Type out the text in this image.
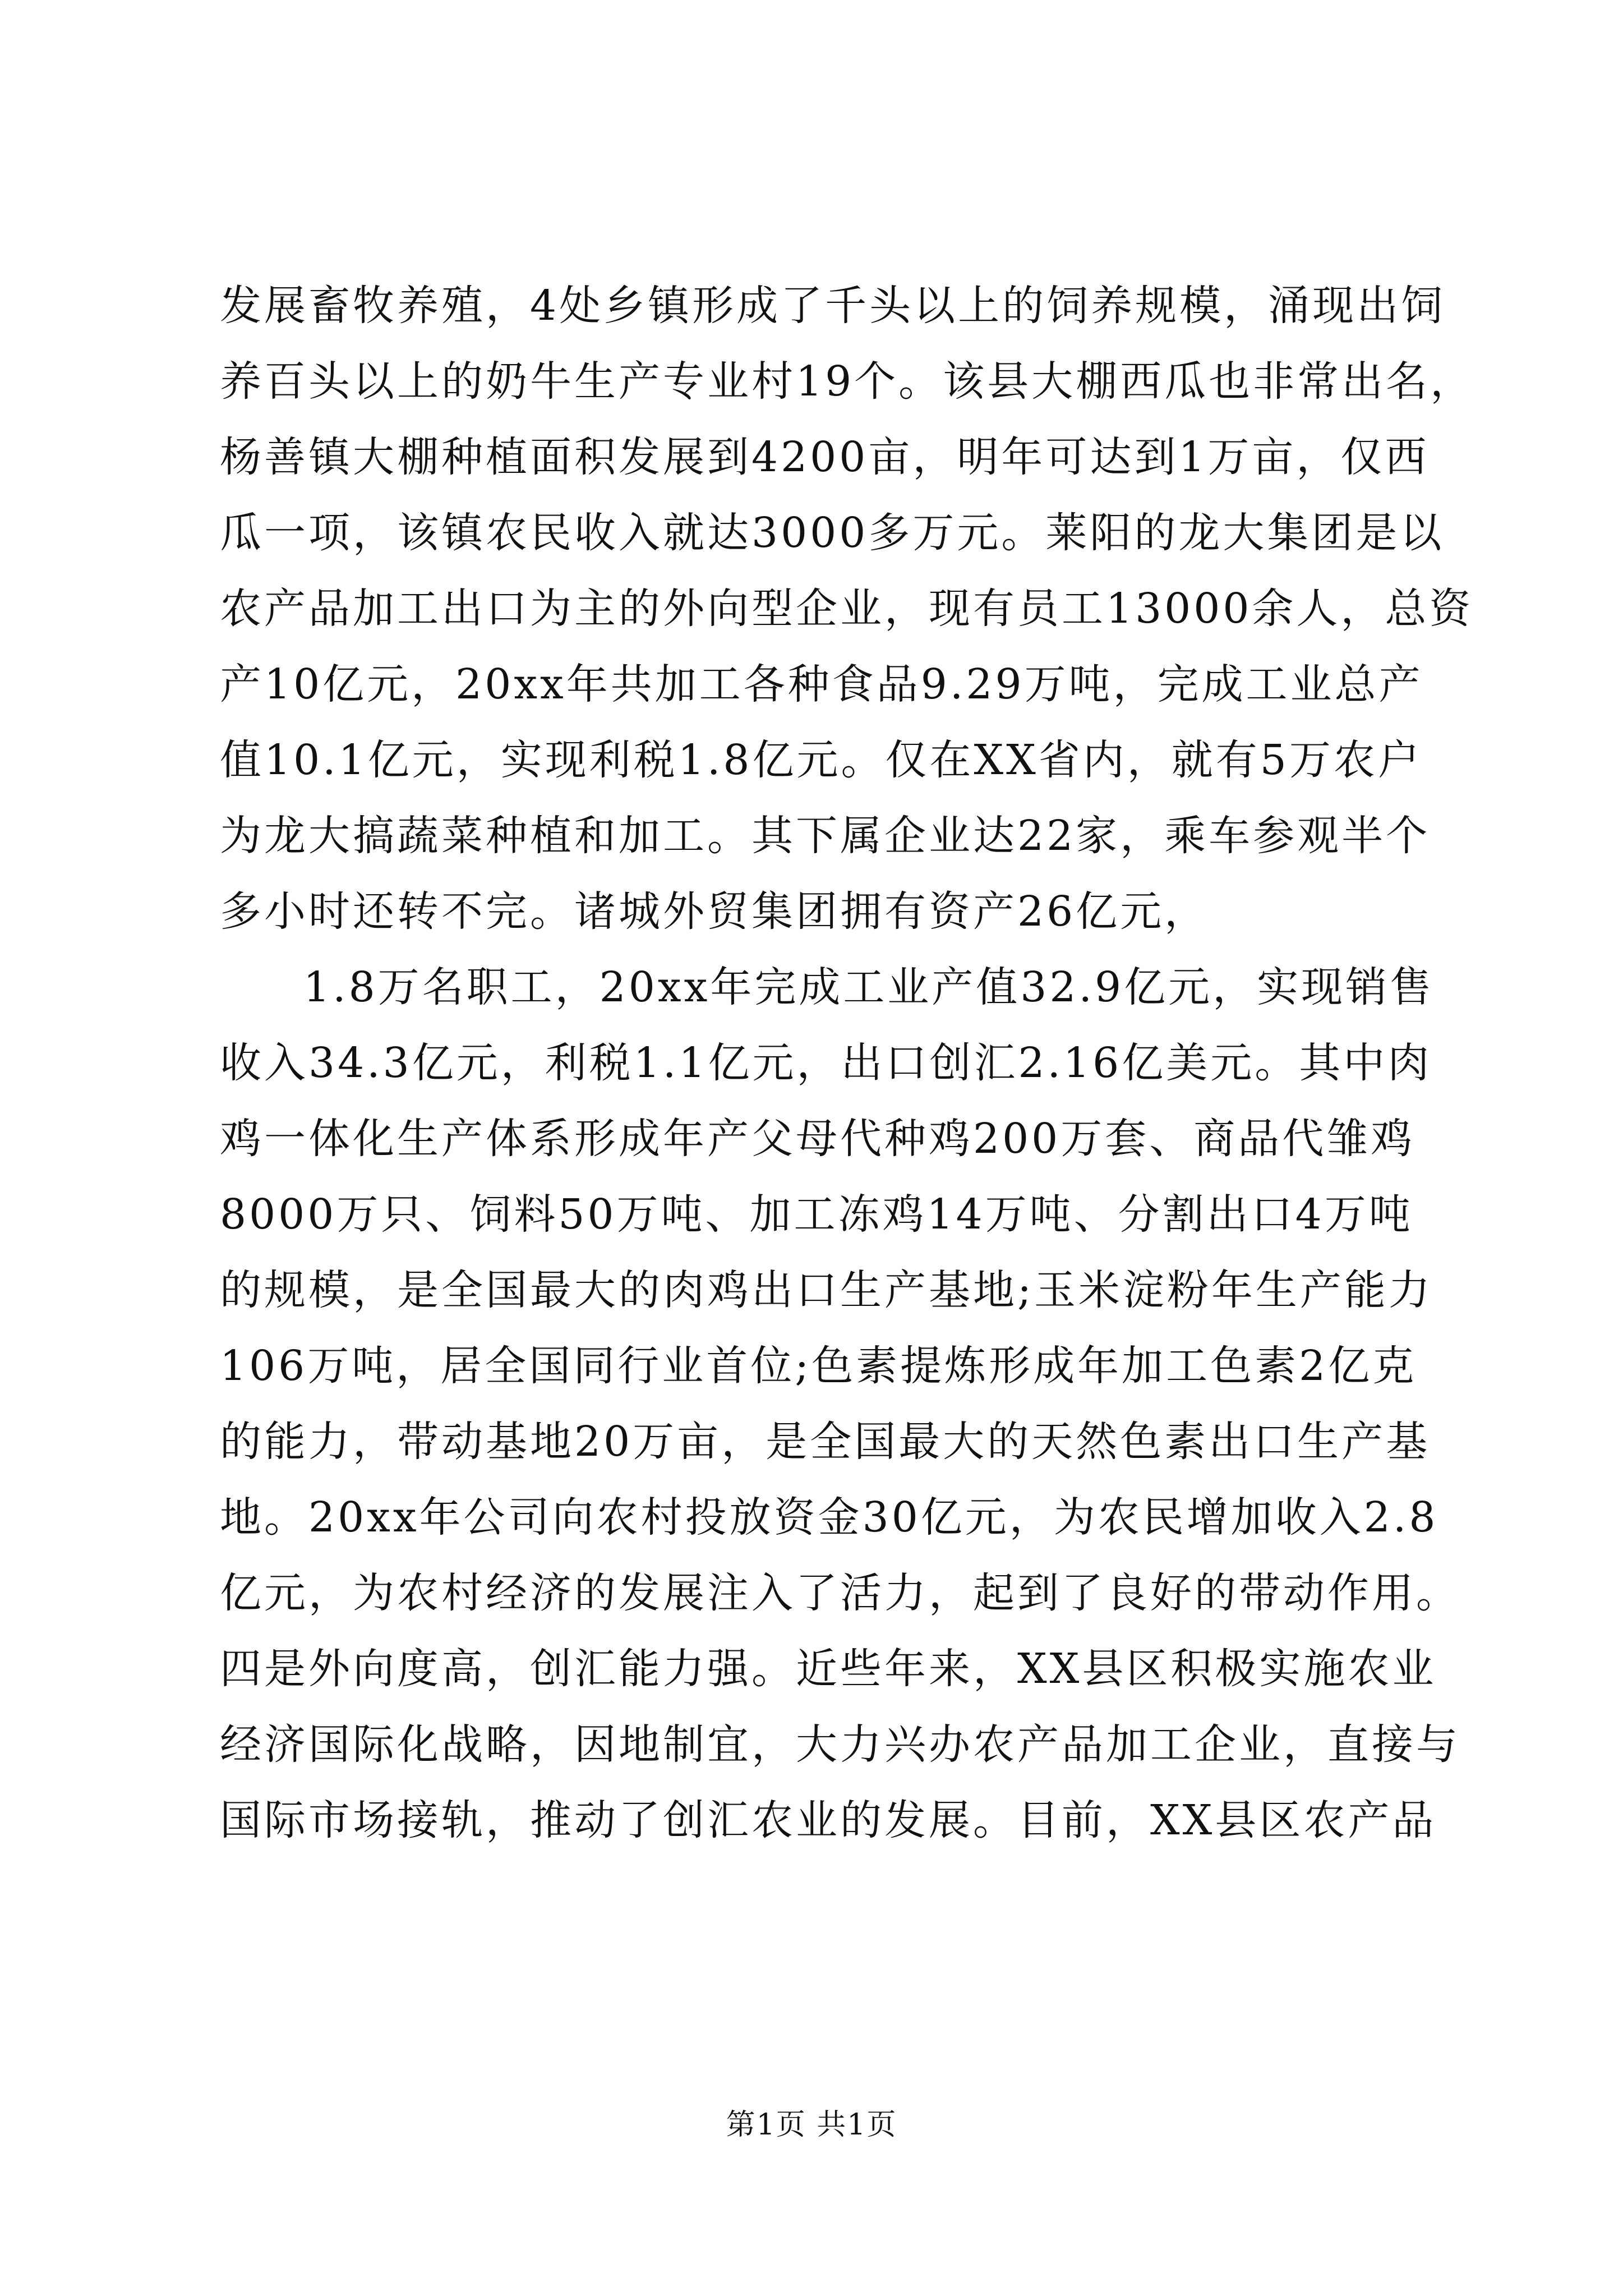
发展畜牧养殖，4处乡镇形成了千头以上的饲养规模，涌现出饲
养百头以上的奶牛生产专业村19个。该县大棚西瓜也非常出名，
杨善镇大棚种植面积发展到4200亩，明年可达到1万亩，仅西
瓜一项，该镇农民收入就达3000多万元。莱阳的龙大集团是以
农产品加工出口为主的外向型企业，现有员工13000余人，总资
产10亿元，20xx年共加工各种食品9.29万吨，完成工业总产
值10.1亿元，实现利税1.8亿元。仅在XX省内，就有5万农户
为龙大搞蔬菜种植和加工。其下属企业达22家，乘车参观半个
多小时还转不完。诸城外贸集团拥有资产26亿元，
1.8万名职工，20xx年完成工业产值32.9亿元，实现销售
收入34.3亿元，利税1.1亿元，出口创汇2.16亿美元。其中肉
鸡一体化生产体系形成年产父母代种鸡200万套、商品代雏鸡
8000万只、饲料50万吨、加工冻鸡14万吨、分割出口4万吨
的规模，是全国最大的肉鸡出口生产基地;玉米淀粉年生产能力
106万吨，居全国同行业首位;色素提炼形成年加工色素2亿克
的能力，带动基地20万亩，是全国最大的天然色素出口生产基
地。20xx年公司向农村投放资金30亿元，为农民增加收入2.8
亿元，为农村经济的发展注入了活力，起到了良好的带动作用。
四是外向度高，创汇能力强。近些年来，XX县区积极实施农业
经济国际化战略，因地制宜，大力兴办农产品加工企业，直接与
国际市场接轨，推动了创汇农业的发展。目前，XX县区农产品
第1页 共1页
